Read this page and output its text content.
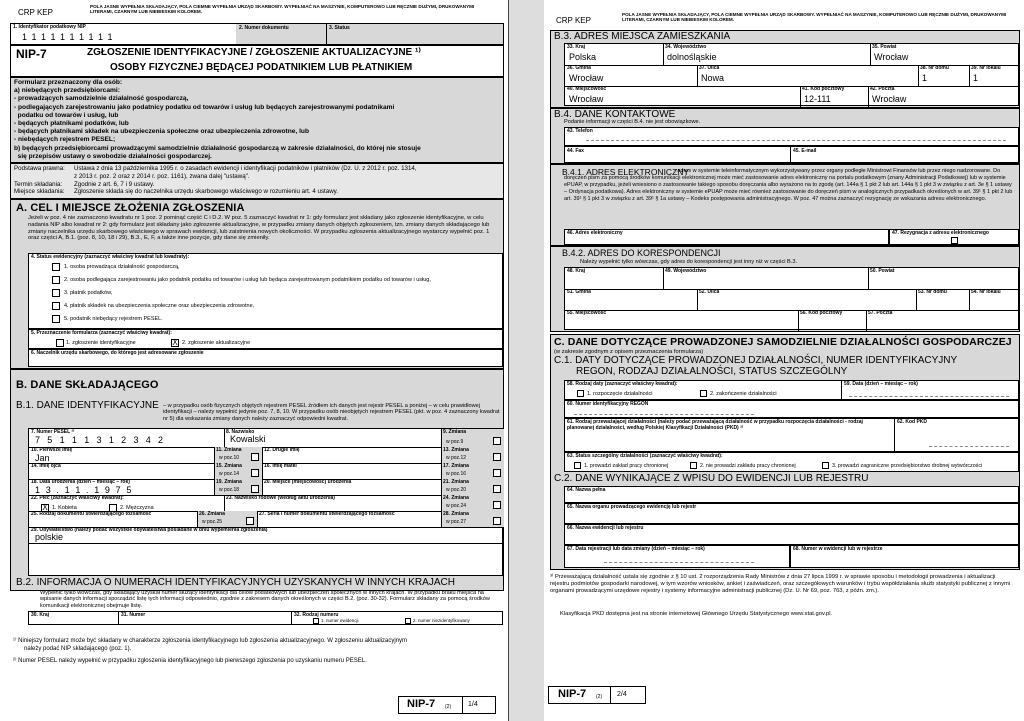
CRP KEP
POLA JASNE WYPEŁNIA SKŁADAJĄCY, POLA CIEMNE WYPEŁNIA URZĄD SKARBOWY. WYPEŁNIAĆ NA MASZYNIE, KOMPUTEROWO LUB RĘCZNIE DUŻYMI, DRUKOWANYMI LITERAMI, CZARNYM LUB NIEBIESKIM KOLOREM.
1. Identyfikator podatkowy NIP
1 1 1 1 1 1 1 1 1 1
2. Numer dokumentu	3. Status
NIP-7	ZGŁOSZENIE IDENTYFIKACYJNE / ZGŁOSZENIE AKTUALIZACYJNE ¹⁾
OSOBY FIZYCZNEJ BĘDĄCEJ PODATNIKIEM LUB PŁATNIKIEM
Formularz przeznaczony dla osób:
a) niebędących przedsiębiorcami:
- prowadzących samodzielnie działalność gospodarczą,
- podlegających zarejestrowaniu jako podatnicy podatku od towarów i usług lub będących zarejestrowanymi podatnikami
podatku od towarów i usług, lub
- będących płatnikami podatków, lub
- będących płatnikami składek na ubezpieczenia społeczne oraz ubezpieczenia zdrowotne, lub
- niebędących rejestrem PESEL;
b) będących przedsiębiorcami prowadzącymi samodzielnie działalność gospodarczą w zakresie działalności, do której nie stosuje
się przepisów ustawy o swobodzie działalności gospodarczej.
Podstawa prawna: Ustawa z dnia 13 października 1995 r. o zasadach ewidencji i identyfikacji podatników i płatników (Dz. U. z 2012 r. poz. 1314,
z 2013 r. poz. 2 oraz z 2014 r. poz. 1161), zwana dalej "ustawą".
Termin składania: Zgodnie z art. 6, 7 i 9 ustawy.
Miejsce składania: Zgłoszenie składa się do naczelnika urzędu skarbowego właściwego w rozumieniu art. 4 ustawy.
A. CEL I MIEJSCE ZŁOŻENIA ZGŁOSZENIA
Jeżeli w poz. 4 nie zaznaczono kwadratu nr 1 poz. 2 pominąć część C i D.2. W poz. 5 zaznaczyć kwadrat nr 1: gdy formularz jest składany jako zgłoszenie identyfikacyjne, w celu nadania NIP albo kwadrat nr 2: gdy formularz jest składany jako zgłoszenie aktualizacyjne, w przypadku zmiany danych objętych zgłoszeniem, tzn. zmiany danych składającego lub zmiany naczelnika urzędu skarbowego właściwego w sprawach ewidencji, lub zaistnienia nowych okoliczności. W przypadku zgłoszenia aktualizacyjnego wystarczy wypełnić poz. 1 oraz części A, B.1. (poz. 8, 10, 18 i 29), B.3., E, F, a także inne pozycje, gdy dane się zmieniły.
4. Status ewidencyjny (zaznaczyć właściwy kwadrat lub kwadraty):
1. osoba prowadząca działalność gospodarczą,
2. osoba podlegająca zarejestrowaniu jako podatnik podatku od towarów i usług lub będąca zarejestrowanym podatnikiem podatku od towarów i usług,
3. płatnik podatków,
4. płatnik składek na ubezpieczenia społeczne oraz ubezpieczenia zdrowotne,
5. podatnik niebędący rejestrem PESEL.
5. Przeznaczenie formularza (zaznaczyć właściwy kwadrat):
1. zgłoszenie identyfikacyjne	X 2. zgłoszenie aktualizacyjne
6. Naczelnik urzędu skarbowego, do którego jest adresowane zgłoszenie
B. DANE SKŁADAJĄCEGO
B.1. DANE IDENTYFIKACYJNE – w przypadku osób fizycznych objętych rejestrem PESEL źródłem ich danych jest rejestr PESEL a poniżej – w celu prawidłowej identyfikacji – należy wypełnić jedynie poz. 7, 8, 10. W przypadku osób nieobjętych rejestrem PESEL (pkt. w poz. 4 zaznaczony kwadrat nr 5) dla wskazania zmiany danych należy zaznaczyć odpowiedni kwadrat.
7. Numer PESEL ²⁾
7 5 1 1 1 3 1 2 3 4 2
8. Nazwisko
Kowalski
9. Zmiana
w poz.9
10. Pierwsze imię
Jan
11. Zmiana
w poz.10
12. Drugie imię	13. Zmiana
w poz.12
14. Imię ojca	15. Zmiana
w poz.14
16. Imię matki	17. Zmiana
w poz.16
18. Data urodzenia (dzień – miesiąc – rok)
1 3 . 1 1 . 1 9 7 5
19. Zmiana
w poz.18
20. Miejsce (miejscowość) urodzenia	21. Zmiana
w poz.20
22. Płeć (zaznaczyć właściwy kwadrat):
X 1. Kobieta	2. Mężczyzna
23. Nazwisko rodowe (według aktu urodzenia)	24. Zmiana
w poz.24
25. Rodzaj dokumentu stwierdzającego tożsamość	26. Zmiana
w poz.25
27. Seria i numer dokumentu stwierdzającego tożsamość	28. Zmiana
w poz.27
29. Obywatelstwo (należy podać wszystkie obywatelstwa posiadane w dniu wypełnienia zgłoszenia)
polskie
B.2. INFORMACJA O NUMERACH IDENTYFIKACYJNYCH UZYSKANYCH W INNYCH KRAJACH
Wypełnić tylko wówczas, gdy składający uzyskał numer służący identyfikacji dla celów podatkowych lub ubezpieczeń społecznych w innych krajach. W przypadku braku miejsca na wpisanie danych informacji sporządzić listę tych informacji odpowiednio, zgodnie z zakresem danych określonych w części B.2. (poz. 30-32). Formularz składany za pomocą środków komunikacji elektronicznej obejmuje listę.
30. Kraj	31. Numer	32. Rodzaj numeru
1. numer ewidencji	2. numer niezidentyfikowany
¹⁾ Niniejszy formularz może być składany w charakterze zgłoszenia identyfikacyjnego lub zgłoszenia aktualizacyjnego. W zgłoszeniu aktualizacyjnym
należy podać NIP składającego (poz. 1).
²⁾ Numer PESEL należy wypełnić w przypadku zgłoszenia identyfikacyjnego lub pierwszego zgłoszenia po uzyskaniu numeru PESEL.
NIP-7 (2) 1/4
CRP KEP
POLA JASNE WYPEŁNIA SKŁADAJĄCY, POLA CIEMNE WYPEŁNIA URZĄD SKARBOWY. WYPEŁNIAĆ NA MASZYNIE, KOMPUTEROWO LUB RĘCZNIE DUŻYMI, DRUKOWANYMI LITERAMI, CZARNYM LUB NIEBIESKIM KOLOREM.
B.3. ADRES MIEJSCA ZAMIESZKANIA
33. Kraj
Polska
34. Województwo
dolnośląskie
35. Powiat
Wrocław
36. Gmina
Wrocław
37. Ulica
Nowa
38. Nr domu
1
39. Nr lokalu
1
40. Miejscowość
Wrocław
41. Kod pocztowy
12-111
42. Poczta
Wrocław
B.4. DANE KONTAKTOWE
Podanie informacji w części B.4. nie jest obowiązkowe.
43. Telefon
44. Fax	45. E-mail
B.4.1. ADRES ELEKTRONICZNY
- adres w systemie teleinformatycznym wykorzystywany przez organy podległe Ministrowi Finansów lub przez niego nadzorowane. Do doręczeń pism za pomocą środków komunikacji elektronicznej może mieć zastosowanie adres elektroniczny na portalu podatkowym (znany Administracji Podatkowej) lub w systemie ePUAP, w przypadku, jeżeli wniesiono o zastosowanie takiego sposobu doręczania albo wyrażono na to zgodę (art. 144a § 1 pkt 2 lub art. 144a § 1 pkt 3 w związku z art. 3e § 1 ustawy – Ordynacja podatkowa). Adres elektroniczny w systemie ePUAP może mieć również zastosowanie do doręczeń pism w analogicznych przypadkach określonych w art. 39¹ § 1 pkt 2 lub art. 39¹ § 1 pkt 3 w związku z art. 39¹ § 1a ustawy – Kodeks postępowania administracyjnego. W poz. 47 można zaznaczyć rezygnację ze wskazania adresu elektronicznego.
46. Adres elektroniczny	47. Rezygnacja z adresu elektronicznego
B.4.2. ADRES DO KORESPONDENCJI
Należy wypełnić tylko wówczas, gdy adres do korespondencji jest inny niż w części B.3.
48. Kraj	49. Województwo	50. Powiat
51. Gmina	52. Ulica	53. Nr domu	54. Nr lokalu
55. Miejscowość	56. Kod pocztowy	57. Poczta
C. DANE DOTYCZĄCE PROWADZONEJ SAMODZIELNIE DZIAŁALNOŚCI GOSPODARCZEJ
(w zakresie zgodnym z opisem przeznaczenia formularza)
C.1. DATY DOTYCZĄCE PROWADZONEJ DZIAŁALNOŚCI, NUMER IDENTYFIKACYJNY
REGON, RODZAJ DZIAŁALNOŚCI, STATUS SZCZEGÓLNY
58. Rodzaj daty (zaznaczyć właściwy kwadrat):
1. rozpoczęcie działalności	2. zakończenie działalności
59. Data (dzień – miesiąc – rok)
60. Numer identyfikacyjny REGON
61. Rodzaj przeważającej działalności (należy podać przeważającą działalność w przypadku rozpoczęcia działalności - rodzaj planowanej działalności, według Polskiej Klasyfikacji Działalności (PKD) ³⁾
62. Kod PKD
63. Status szczególny działalności (zaznaczyć właściwy kwadrat):
1. prowadzi zakład pracy chronionej	2. nie prowadzi zakładu pracy chronionej	3. prowadzi zagraniczne przedsiębiorstwo drobnej wytwórczości
C.2. DANE WYNIKAJĄCE Z WPISU DO EWIDENCJI LUB REJESTRU
64. Nazwa pełna
65. Nazwa organu prowadzącego ewidencję lub rejestr
66. Nazwa ewidencji lub rejestru
67. Data rejestracji lub data zmiany (dzień – miesiąc – rok)	68. Numer w ewidencji lub w rejestrze
³⁾ Przeważającą działalność ustala się zgodnie z § 10 ust. 2 rozporządzenia Rady Ministrów z dnia 27 lipca 1999 r. w sprawie sposobu i metodologii prowadzenia i aktualizacji rejestru podmiotów gospodarki narodowej, w tym wzorów wniosków, ankiet i zaświadczeń, oraz szczegółowych warunków i trybu współdziałania służb statystyki publicznej z innymi organami prowadzącymi urzędowe rejestry i systemy informacyjne administracji publicznej (Dz. U. Nr 69, poz. 763, z późn. zm.).
Klasyfikacja PKD dostępna jest na stronie internetowej Głównego Urzędu Statystycznego www.stat.gov.pl.
NIP-7 (2) 2/4
